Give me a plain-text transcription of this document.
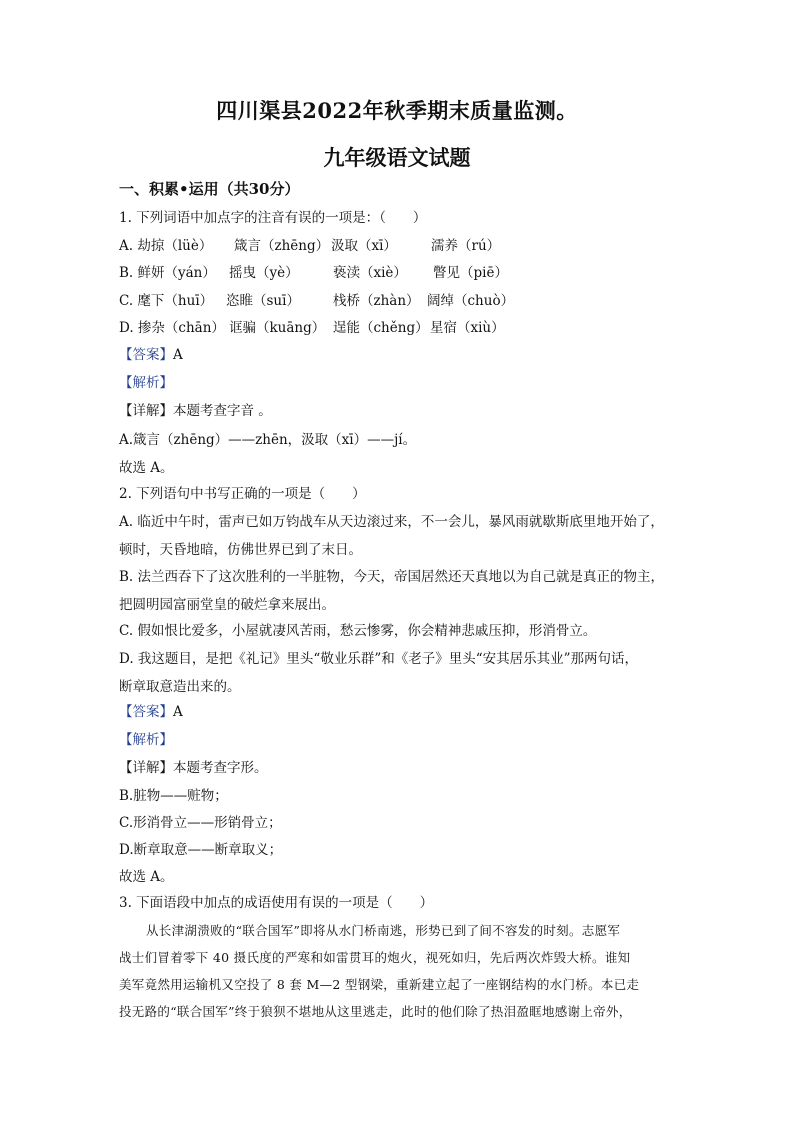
四川渠县2022年秋季期末质量监测。
九年级语文试题
一、积累•运用（共30分）
1. 下列词语中加点字的注音有误的一项是：（　　）
A. 劫掠（lüè） 箴言（zhēng） 汲取（xī）	濡养（rú）
B. 鲜妍（yán） 摇曳（yè）	亵渎（xiè） 瞥见（piē）
C. 麾下（huī） 恣睢（suī） 栈桥（zhàn） 阔绰（chuò）
D. 掺杂（chān） 诓骗（kuāng） 逞能（chěng）星宿（xiù）
【答案】A
【解析】
【详解】本题考查字音 。
A.箴言（zhēng）——zhēn，汲取（xī）——jí。
故选 A。
2. 下列语句中书写正确的一项是（　　）
A. 临近中午时，雷声已如万钧战车从天边滚过来，不一会儿，暴风雨就歇斯底里地开始了，
顿时，天昏地暗，仿佛世界已到了末日。
B. 法兰西吞下了这次胜利的一半脏物，今天，帝国居然还天真地以为自己就是真正的物主，
把圆明园富丽堂皇的破烂拿来展出。
C. 假如恨比爱多，小屋就凄风苦雨，愁云惨雾，你会精神悲戚压抑，形消骨立。
D. 我这题目，是把《礼记》里头“敬业乐群”和《老子》里头“安其居乐其业”那两句话，
断章取意造出来的。
【答案】A
【解析】
【详解】本题考查字形。
B.脏物——赃物；
C.形消骨立——形销骨立；
D.断章取意——断章取义；
故选 A。
3. 下面语段中加点的成语使用有误的一项是（　　）
从长津湖溃败的“联合国军”即将从水门桥南逃，形势已到了间不容发的时刻。志愿军
战士们冒着零下 40 摄氏度的严寒和如雷贯耳的炮火，视死如归，先后两次炸毁大桥。谁知
美军竟然用运输机又空投了 8 套 M—2 型钢梁，重新建立起了一座钢结构的水门桥。本已走
投无路的“联合国军”终于狼狈不堪地从这里逃走，此时的他们除了热泪盈眶地感谢上帝外，
